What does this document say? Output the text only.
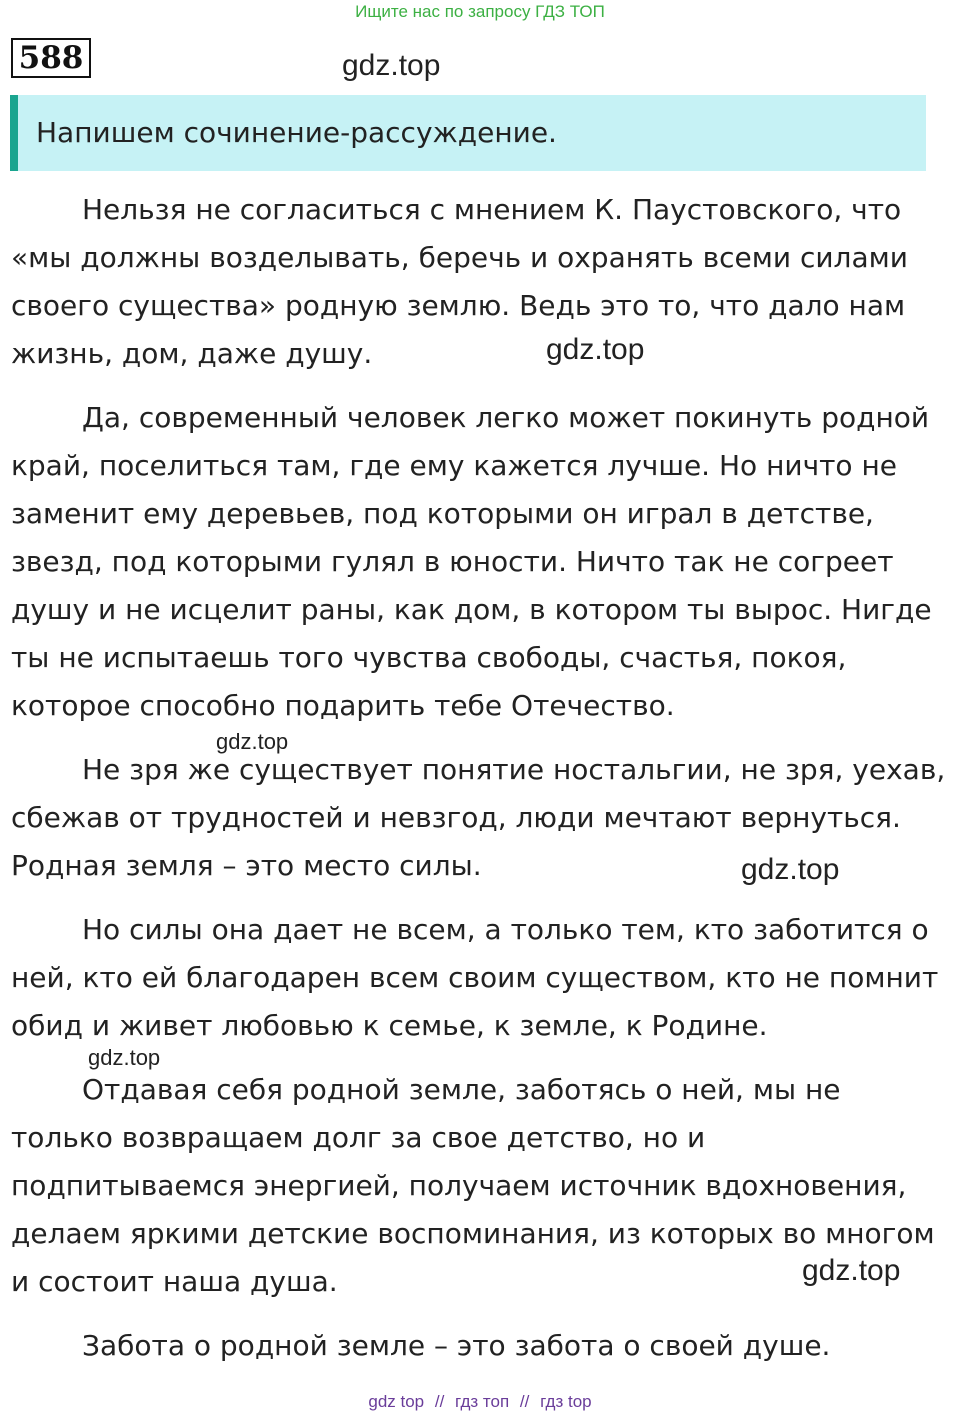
Ищите нас по запросу ГДЗ ТОП
588	gdz.top
Напишем сочинение-рассуждение.

Нельзя не согласиться с мнением К. Паустовского, что «мы должны возделывать, беречь и охранять всеми силами своего существа» родную землю. Ведь это то, что дало нам жизнь, дом, даже душу.	gdz.top

Да, современный человек легко может покинуть родной край, поселиться там, где ему кажется лучше. Но ничто не заменит ему деревьев, под которыми он играл в детстве, звезд, под которыми гулял в юности. Ничто так не согреет душу и не исцелит раны, как дом, в котором ты вырос. Нигде ты не испытаешь того чувства свободы, счастья, покоя, которое способно подарить тебе Отечество.

gdz.top

Не зря же существует понятие ностальгии, не зря, уехав, сбежав от трудностей и невзгод, люди мечтают вернуться. Родная земля – это место силы.	gdz.top

Но силы она дает не всем, а только тем, кто заботится о ней, кто ей благодарен всем своим существом, кто не помнит обид и живет любовью к семье, к земле, к Родине.

gdz.top

Отдавая себя родной земле, заботясь о ней, мы не только возвращаем долг за свое детство, но и подпитываемся энергией, получаем источник вдохновения, делаем яркими детские воспоминания, из которых во многом и состоит наша душа.	gdz.top

Забота о родной земле – это забота о своей душе.

gdz top // гдз топ // гдз top
